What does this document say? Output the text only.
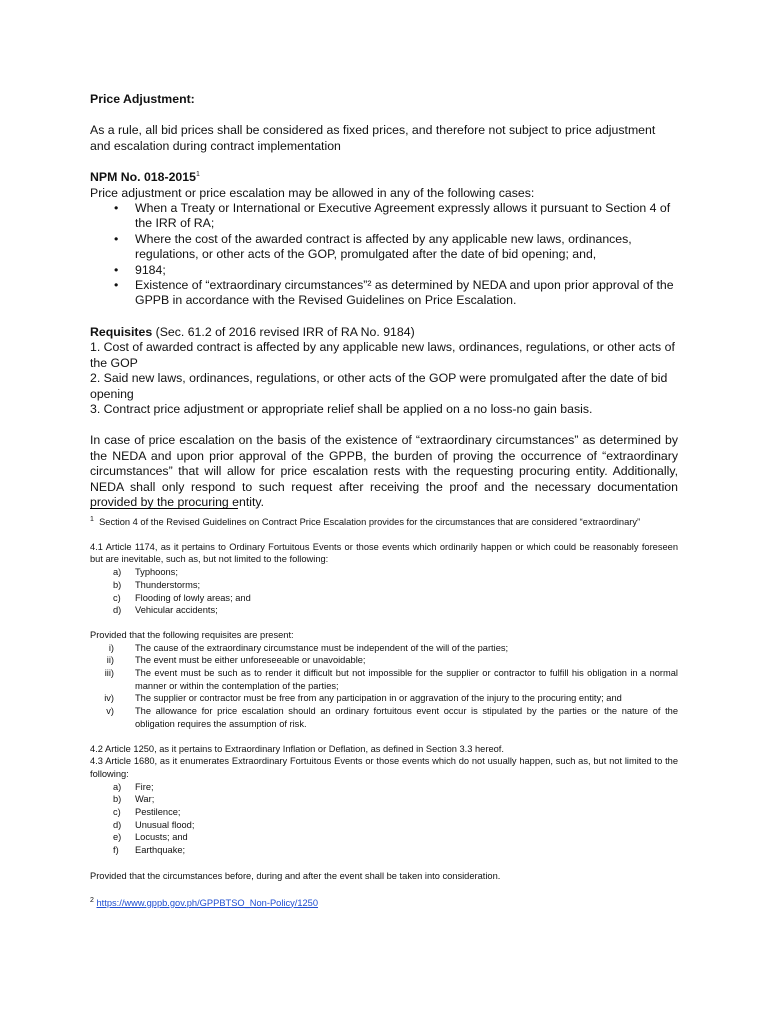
Price Adjustment:

As a rule, all bid prices shall be considered as fixed prices, and therefore not subject to price adjustment and escalation during contract implementation

NPM No. 018-2015$^1$

Price adjustment or price escalation may be allowed in any of the following cases:

• When a Treaty or International or Executive Agreement expressly allows it pursuant to Section 4 of the IRR of RA;
• Where the cost of the awarded contract is affected by any applicable new laws, ordinances, regulations, or other acts of the GOP, promulgated after the date of bid opening; and,
• 9184;
• Existence of “extraordinary circumstances”² as determined by NEDA and upon prior approval of the GPPB in accordance with the Revised Guidelines on Price Escalation.

Requisites (Sec. 61.2 of 2016 revised IRR of RA No. 9184)

1. Cost of awarded contract is affected by any applicable new laws, ordinances, regulations, or other acts of the GOP

2. Said new laws, ordinances, regulations, or other acts of the GOP were promulgated after the date of bid opening

3. Contract price adjustment or appropriate relief shall be applied on a no loss-no gain basis.

In case of price escalation on the basis of the existence of “extraordinary circumstances” as determined by the NEDA and upon prior approval of the GPPB, the burden of proving the occurrence of “extraordinary circumstances” that will allow for price escalation rests with the requesting procuring entity. Additionally, NEDA shall only respond to such request after receiving the proof and the necessary documentation provided by the procuring entity.

$^1$ Section 4 of the Revised Guidelines on Contract Price Escalation provides for the circumstances that are considered “extraordinary”

4.1 Article 1174, as it pertains to Ordinary Fortuitous Events or those events which ordinarily happen or which could be reasonably foreseen but are inevitable, such as, but not limited to the following:

a) Typhoons;
b) Thunderstorms;
c) Flooding of lowly areas; and
d) Vehicular accidents;

Provided that the following requisites are present:

i) The cause of the extraordinary circumstance must be independent of the will of the parties;
ii) The event must be either unforeseeable or unavoidable;
iii) The event must be such as to render it difficult but not impossible for the supplier or contractor to fulfill his obligation in a normal manner or within the contemplation of the parties;
iv) The supplier or contractor must be free from any participation in or aggravation of the injury to the procuring entity; and
v) The allowance for price escalation should an ordinary fortuitous event occur is stipulated by the parties or the nature of the obligation requires the assumption of risk.

4.2 Article 1250, as it pertains to Extraordinary Inflation or Deflation, as defined in Section 3.3 hereof.

4.3 Article 1680, as it enumerates Extraordinary Fortuitous Events or those events which do not usually happen, such as, but not limited to the following:

a) Fire;
b) War;
c) Pestilence;
d) Unusual flood;
e) Locusts; and
f) Earthquake;

Provided that the circumstances before, during and after the event shall be taken into consideration.

$^2$ https://www.gppb.gov.ph/GPPBTSO_Non-Policy/1250
